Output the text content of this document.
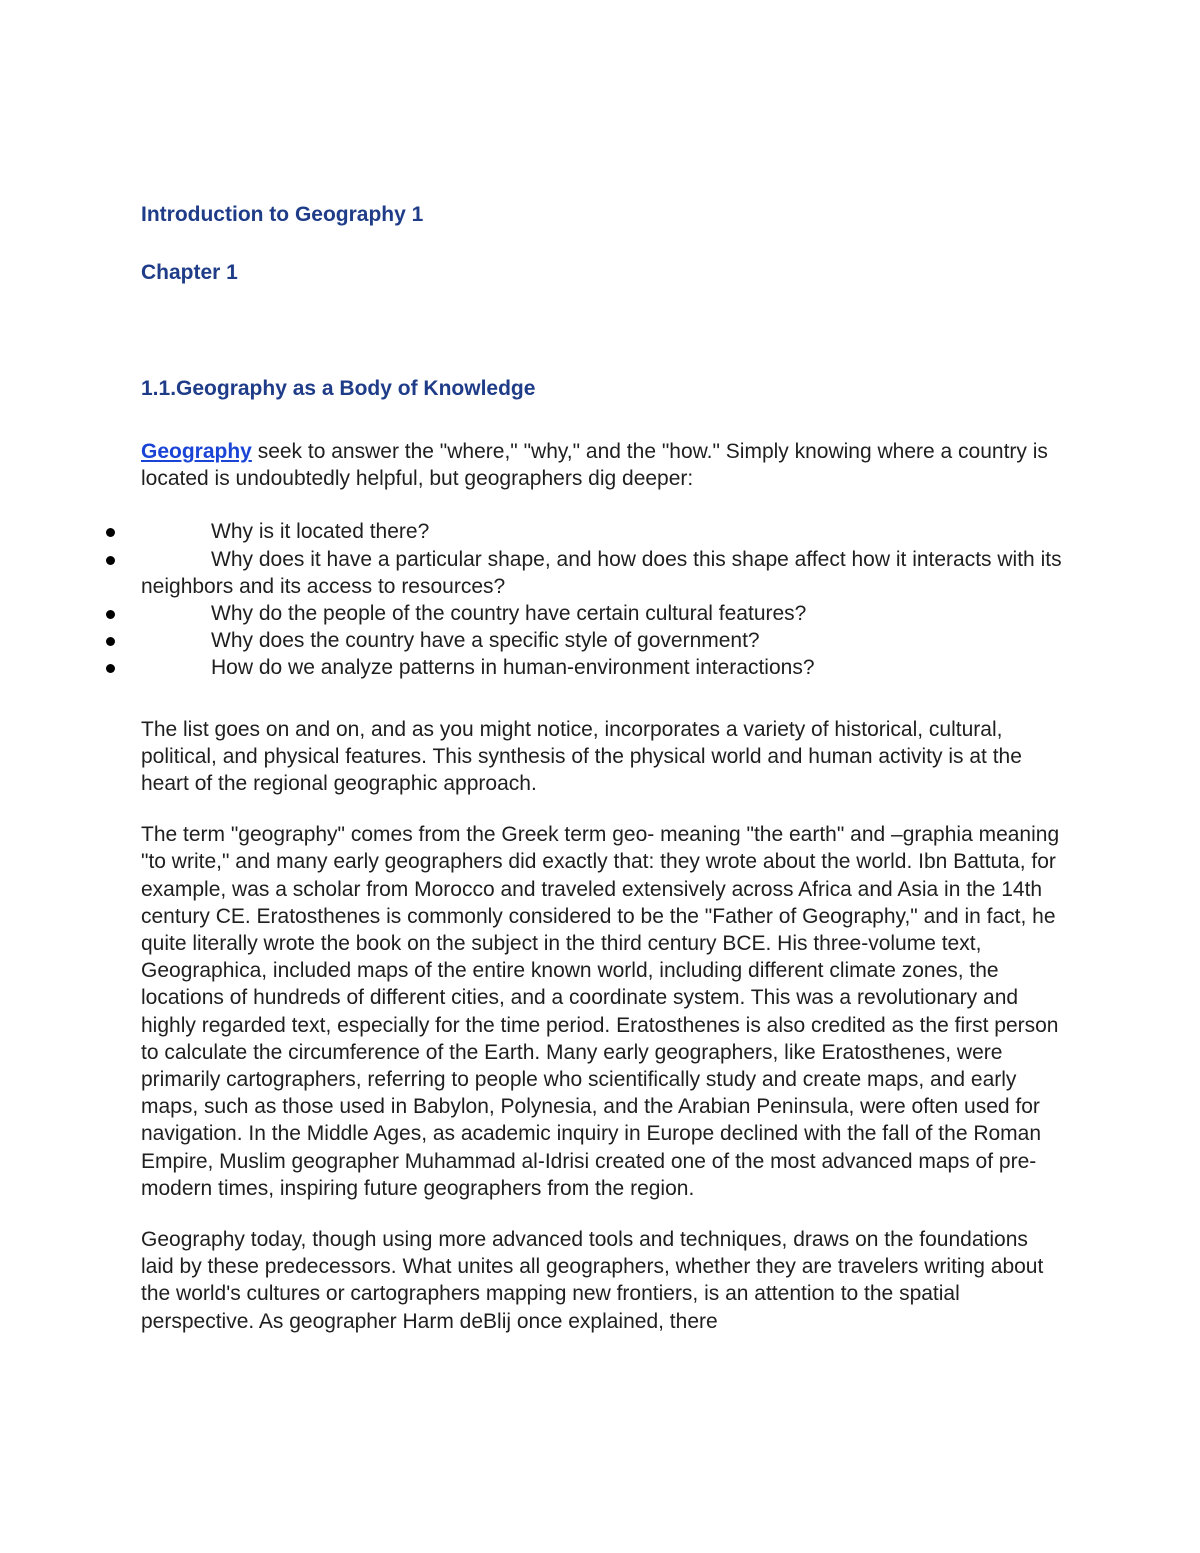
Introduction to Geography 1
Chapter 1
1.1.Geography as a Body of Knowledge

Geography seek to answer the "where," "why," and the "how." Simply knowing where a country is located is undoubtedly helpful, but geographers dig deeper:

Why is it located there?
Why does it have a particular shape, and how does this shape affect how it interacts with its neighbors and its access to resources?
Why do the people of the country have certain cultural features?
Why does the country have a specific style of government?
How do we analyze patterns in human-environment interactions?

The list goes on and on, and as you might notice, incorporates a variety of historical, cultural, political, and physical features. This synthesis of the physical world and human activity is at the heart of the regional geographic approach.

The term "geography" comes from the Greek term geo- meaning "the earth" and –graphia meaning "to write," and many early geographers did exactly that: they wrote about the world. Ibn Battuta, for example, was a scholar from Morocco and traveled extensively across Africa and Asia in the 14th century CE. Eratosthenes is commonly considered to be the "Father of Geography," and in fact, he quite literally wrote the book on the subject in the third century BCE. His three-volume text, Geographica, included maps of the entire known world, including different climate zones, the locations of hundreds of different cities, and a coordinate system. This was a revolutionary and highly regarded text, especially for the time period. Eratosthenes is also credited as the first person to calculate the circumference of the Earth. Many early geographers, like Eratosthenes, were primarily cartographers, referring to people who scientifically study and create maps, and early maps, such as those used in Babylon, Polynesia, and the Arabian Peninsula, were often used for navigation. In the Middle Ages, as academic inquiry in Europe declined with the fall of the Roman Empire, Muslim geographer Muhammad al-Idrisi created one of the most advanced maps of pre-modern times, inspiring future geographers from the region.

Geography today, though using more advanced tools and techniques, draws on the foundations laid by these predecessors. What unites all geographers, whether they are travelers writing about the world's cultures or cartographers mapping new frontiers, is an attention to the spatial perspective. As geographer Harm deBlij once explained, there
